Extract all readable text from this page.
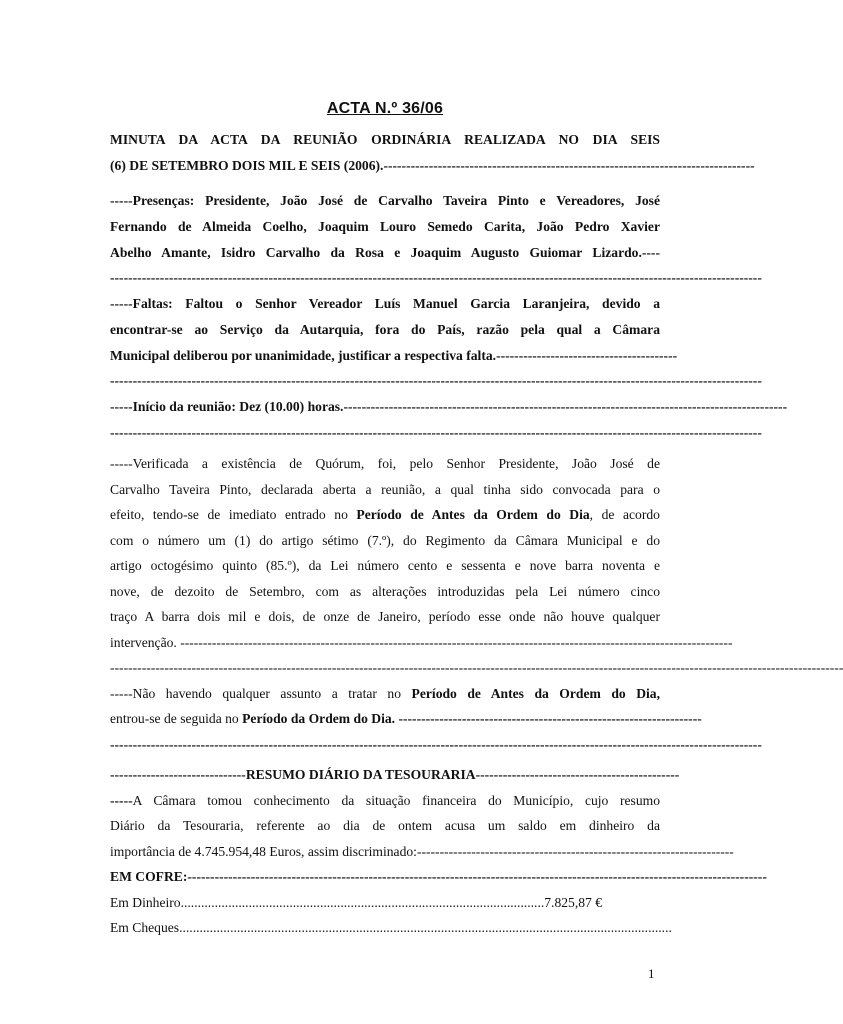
ACTA N.º 36/06
MINUTA DA ACTA DA REUNIÃO ORDINÁRIA REALIZADA NO DIA SEIS
(6) DE SETEMBRO DOIS MIL E SEIS (2006).----------------------------------------------------------------------------------
-----Presenças: Presidente, João José de Carvalho Taveira Pinto e Vereadores, José
Fernando de Almeida Coelho, Joaquim Louro Semedo Carita, João Pedro Xavier
Abelho Amante, Isidro Carvalho da Rosa e Joaquim Augusto Guiomar Lizardo.----
------------------------------------------------------------------------------------------------------------------------------------------------
-----Faltas: Faltou o Senhor Vereador Luís Manuel Garcia Laranjeira, devido a
encontrar-se ao Serviço da Autarquia, fora do País, razão pela qual a Câmara
Municipal deliberou por unanimidade, justificar a respectiva falta.----------------------------------------
------------------------------------------------------------------------------------------------------------------------------------------------
-----Início da reunião: Dez (10.00) horas.--------------------------------------------------------------------------------------------------
------------------------------------------------------------------------------------------------------------------------------------------------
-----Verificada a existência de Quórum, foi, pelo Senhor Presidente, João José de
Carvalho Taveira Pinto, declarada aberta a reunião, a qual tinha sido convocada para o
efeito, tendo-se de imediato entrado no Período de Antes da Ordem do Dia, de acordo
com o número um (1) do artigo sétimo (7.º), do Regimento da Câmara Municipal e do
artigo octogésimo quinto (85.º), da Lei número cento e sessenta e nove barra noventa e
nove, de dezoito de Setembro, com as alterações introduzidas pela Lei número cinco
traço A barra dois mil e dois, de onze de Janeiro, período esse onde não houve qualquer
intervenção. --------------------------------------------------------------------------------------------------------------------------
------------------------------------------------------------------------------------------------------------------------------------------------------------------
-----Não havendo qualquer assunto a tratar no Período de Antes da Ordem do Dia,
entrou-se de seguida no Período da Ordem do Dia. -------------------------------------------------------------------
------------------------------------------------------------------------------------------------------------------------------------------------
------------------------------RESUMO DIÁRIO DA TESOURARIA---------------------------------------------
-----A Câmara tomou conhecimento da situação financeira do Município, cujo resumo
Diário da Tesouraria, referente ao dia de ontem acusa um saldo em dinheiro da
importância de 4.745.954,48 Euros, assim discriminado:----------------------------------------------------------------------
EM COFRE:--------------------------------------------------------------------------------------------------------------------------------
Em Dinheiro...........................................................................................................7.825,87 €
Em Cheques.................................................................................................................................................
1
